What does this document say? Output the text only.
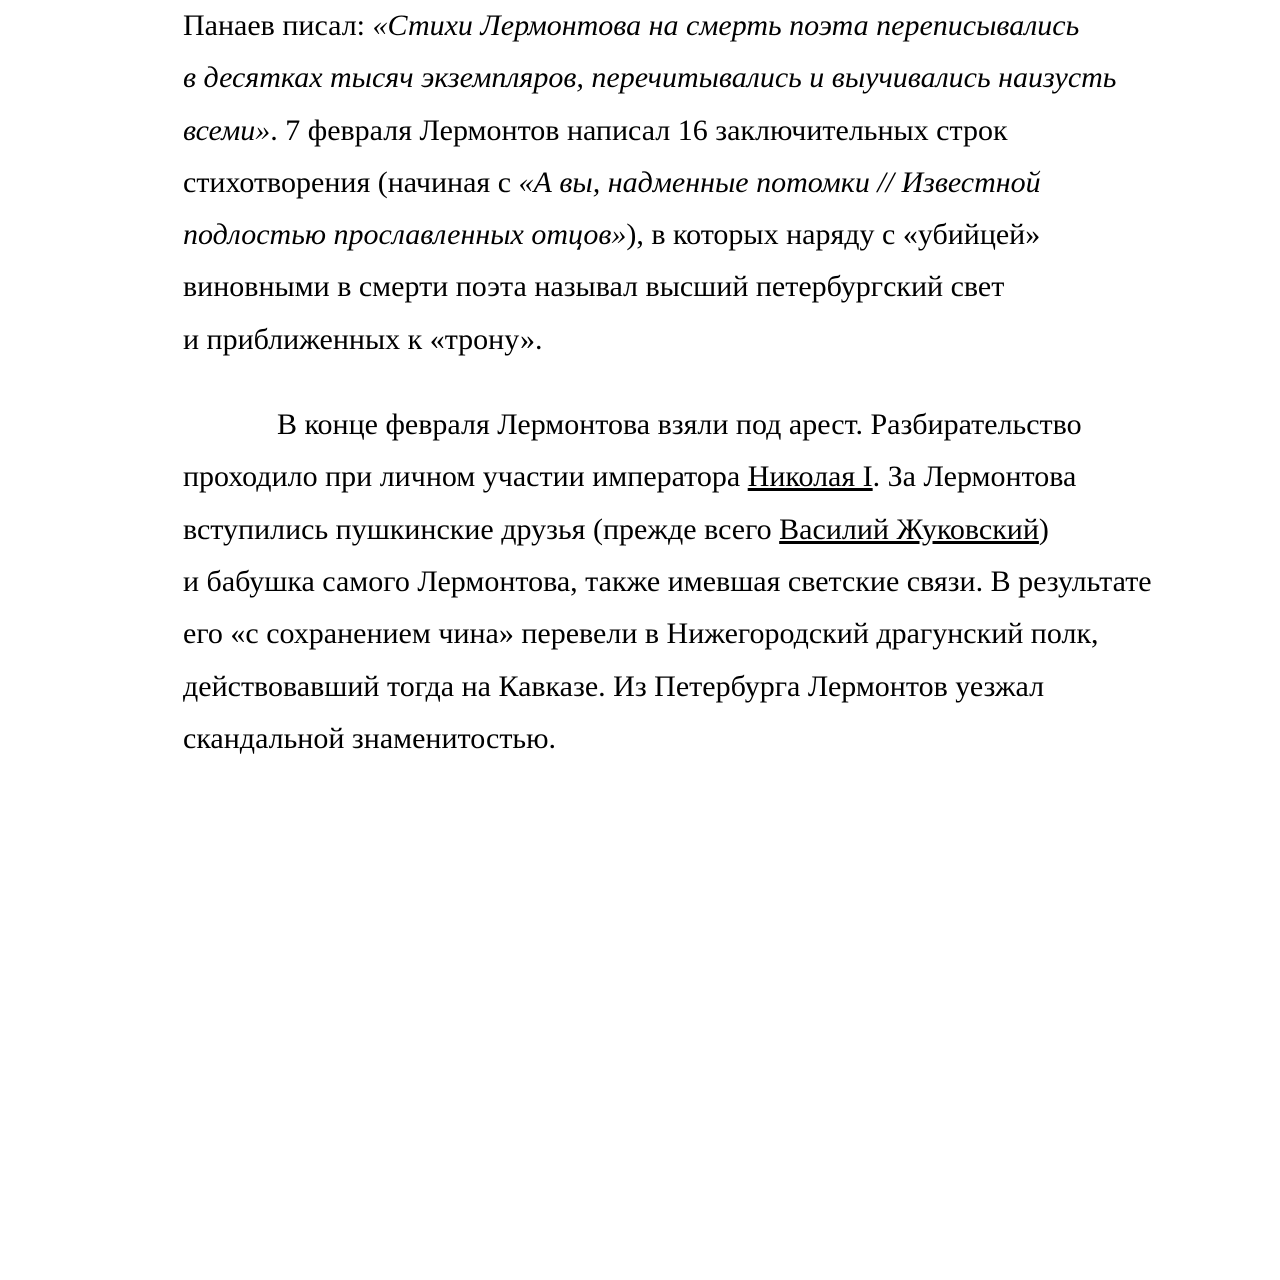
Панаев писал: «Стихи Лермонтова на смерть поэта переписывались
в десятках тысяч экземпляров, перечитывались и выучивались наизусть
всеми». 7 февраля Лермонтов написал 16 заключительных строк
стихотворения (начиная с «А вы, надменные потомки // Известной
подлостью прославленных отцов»), в которых наряду с «убийцей»
виновными в смерти поэта называл высший петербургский свет
и приближенных к «трону».
В конце февраля Лермонтова взяли под арест. Разбирательство
проходило при личном участии императора Николая I. За Лермонтова
вступились пушкинские друзья (прежде всего Василий Жуковский)
и бабушка самого Лермонтова, также имевшая светские связи. В результате
его «с сохранением чина» перевели в Нижегородский драгунский полк,
действовавший тогда на Кавказе. Из Петербурга Лермонтов уезжал
скандальной знаменитостью.
